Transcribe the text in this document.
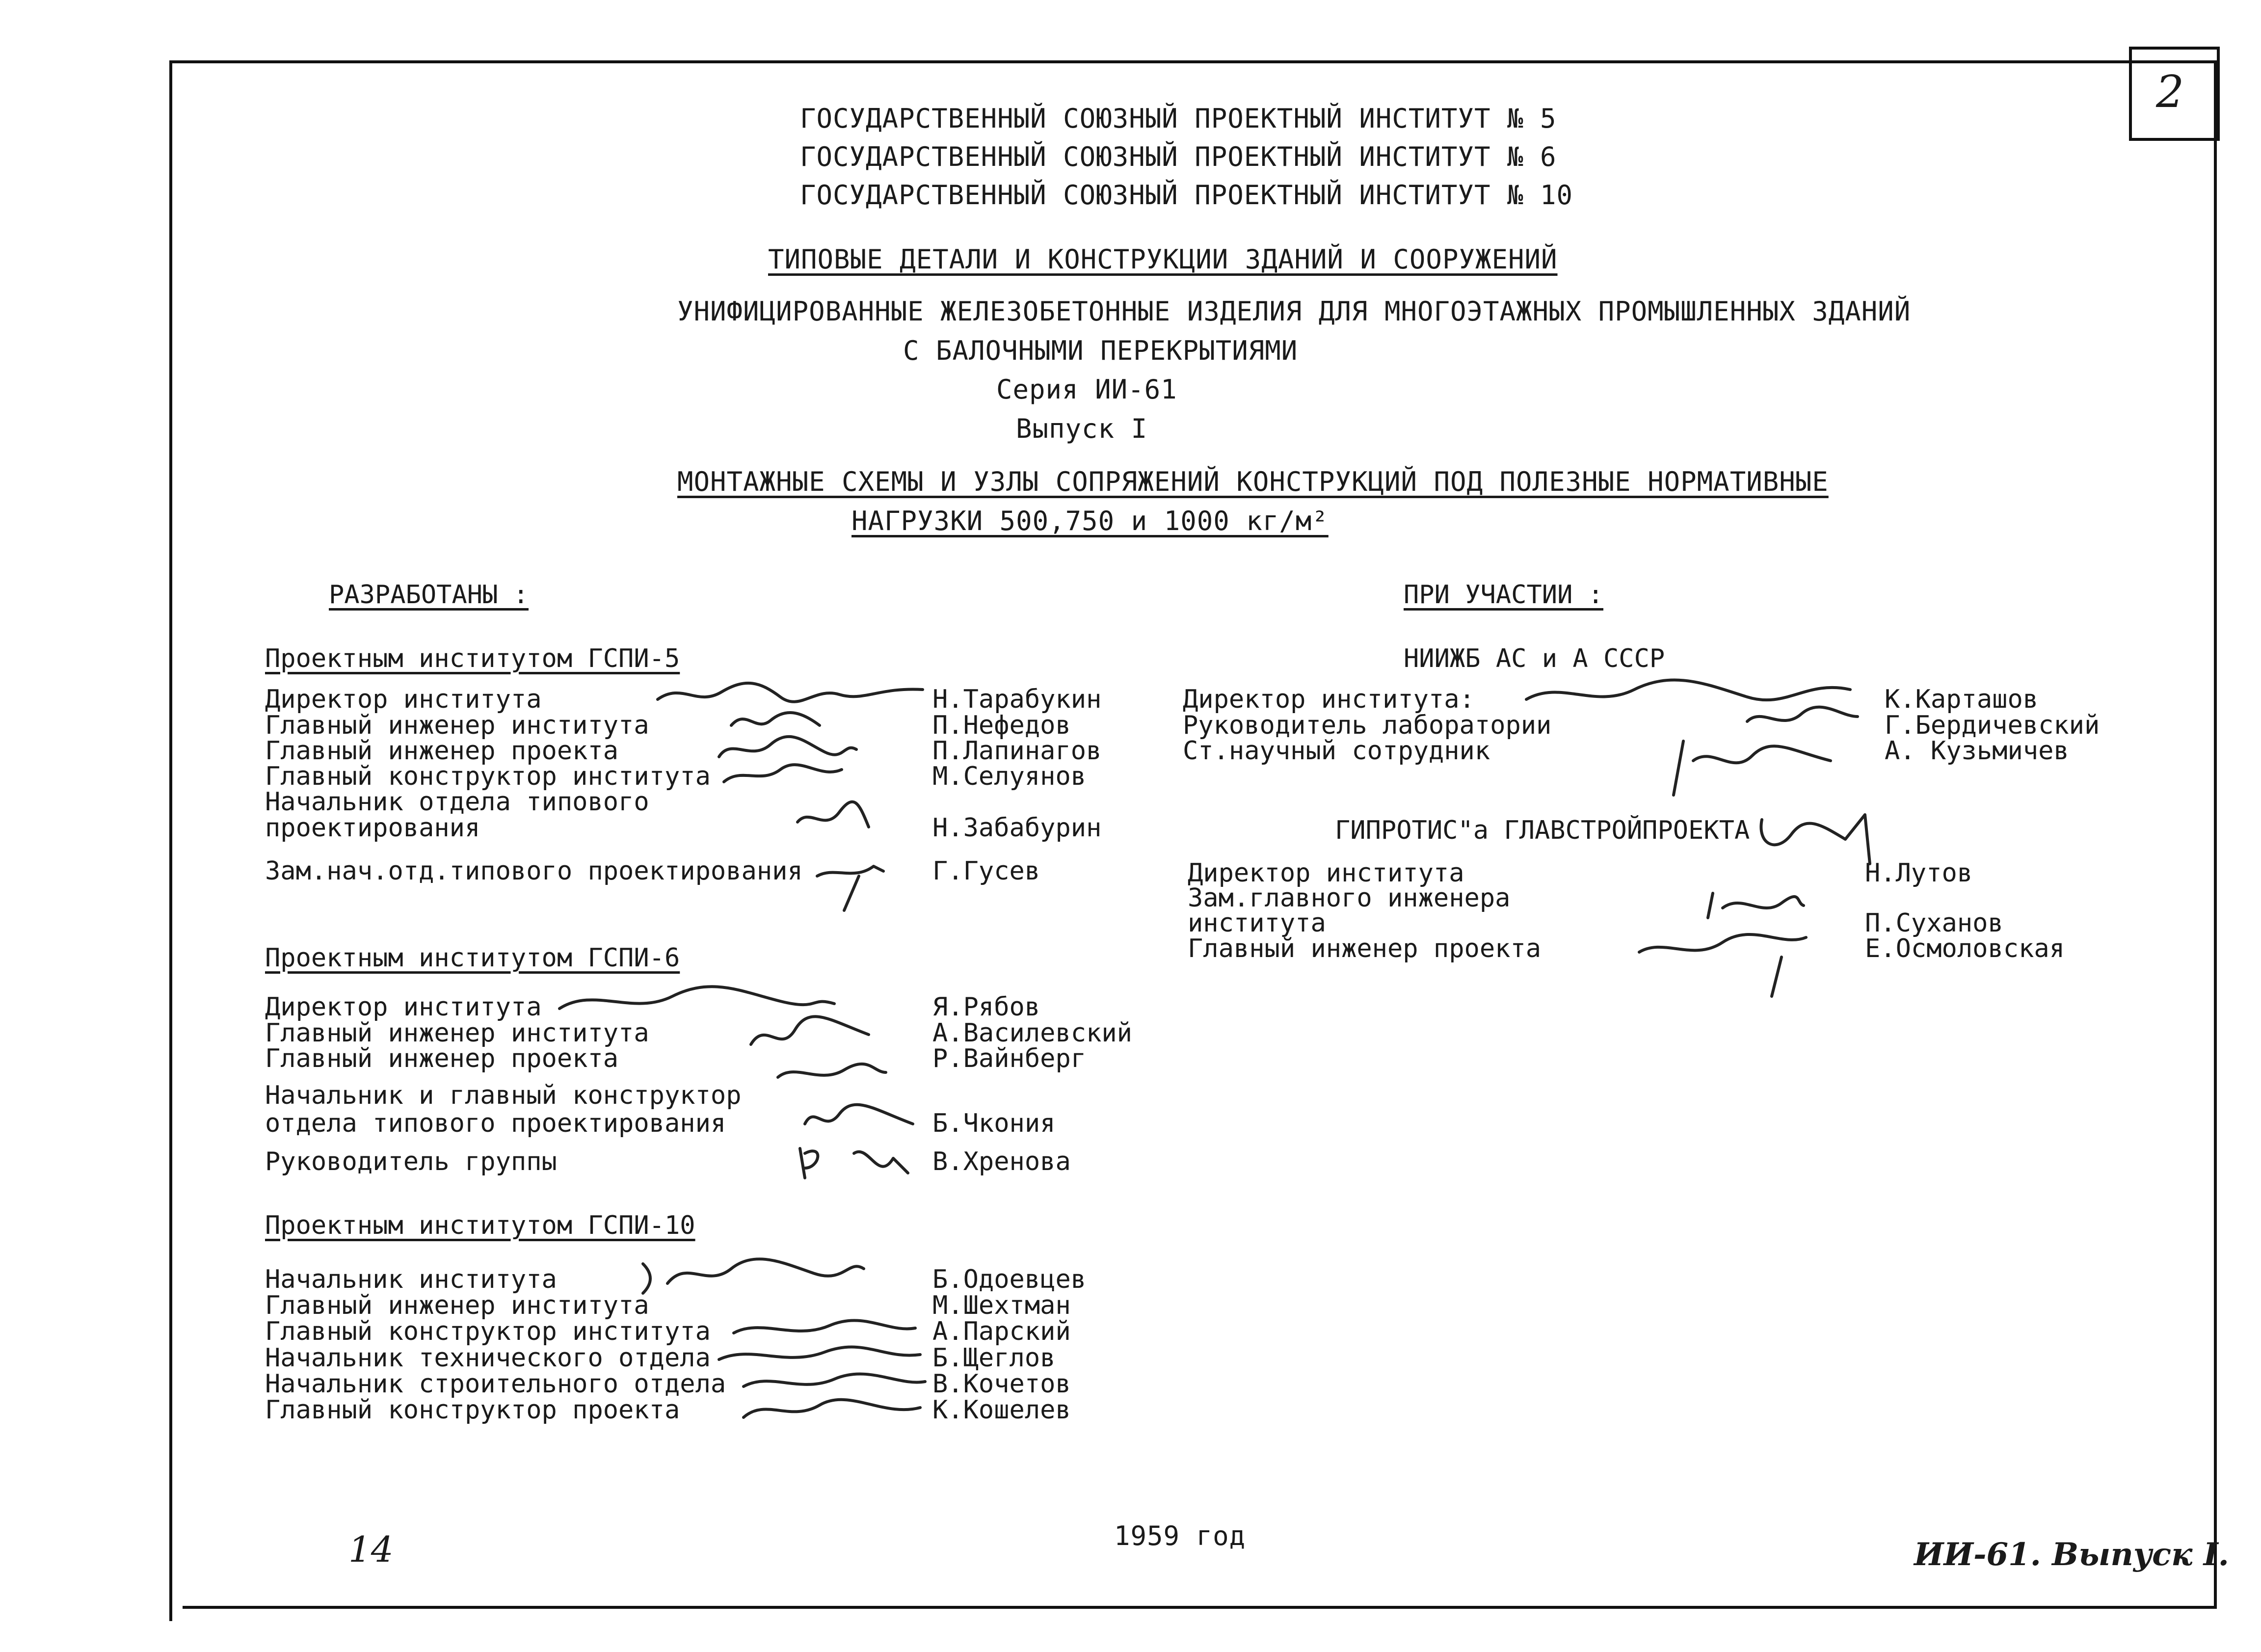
2
ГОСУДАРСТВЕННЫЙ СОЮЗНЫЙ ПРОЕКТНЫЙ ИНСТИТУТ № 5
ГОСУДАРСТВЕННЫЙ СОЮЗНЫЙ ПРОЕКТНЫЙ ИНСТИТУТ № 6
ГОСУДАРСТВЕННЫЙ СОЮЗНЫЙ ПРОЕКТНЫЙ ИНСТИТУТ № 10
ТИПОВЫЕ ДЕТАЛИ И КОНСТРУКЦИИ ЗДАНИЙ И СООРУЖЕНИЙ
УНИФИЦИРОВАННЫЕ ЖЕЛЕЗОБЕТОННЫЕ ИЗДЕЛИЯ ДЛЯ МНОГОЭТАЖНЫХ ПРОМЫШЛЕННЫХ ЗДАНИЙ
С БАЛОЧНЫМИ ПЕРЕКРЫТИЯМИ
Серия ИИ-61
Выпуск I
МОНТАЖНЫЕ СХЕМЫ И УЗЛЫ СОПРЯЖЕНИЙ КОНСТРУКЦИЙ ПОД ПОЛЕЗНЫЕ НОРМАТИВНЫЕ
НАГРУЗКИ 500,750 и 1000 кг/м²
РАЗРАБОТАНЫ :
Проектным институтом ГСПИ-5
Директор института	Н.Тарабукин
Главный инженер института	П.Нефедов
Главный инженер проекта	П.Лапинагов
Главный конструктор института	М.Селуянов
Начальник отдела типового
проектирования	Н.Забабурин
Зам.нач.отд.типового проектирования	Г.Гусев
Проектным институтом ГСПИ-6
Директор института	Я.Рябов
Главный инженер института	А.Василевский
Главный инженер проекта	Р.Вайнберг
Начальник и главный конструктор
отдела типового проектирования	Б.Чкония
Руководитель группы	В.Хренова
Проектным институтом ГСПИ-10
Начальник института	Б.Одоевцев
Главный инженер института	М.Шехтман
Главный конструктор института	А.Парский
Начальник технического отдела	Б.Щеглов
Начальник строительного отдела	В.Кочетов
Главный конструктор проекта	К.Кошелев
ПРИ УЧАСТИИ :
НИИЖБ АС и А СССР
Директор института:	К.Карташов
Руководитель лаборатории	Г.Бердичевский
Ст.научный сотрудник	А. Кузьмичев
ГИПРОТИС"а ГЛАВСТРОЙПРОЕКТА
Директор института	Н.Лутов
Зам.главного инженера
института	П.Суханов
Главный инженер проекта	Е.Осмоловская
1959 год
14	ИИ-61. Выпуск I.
